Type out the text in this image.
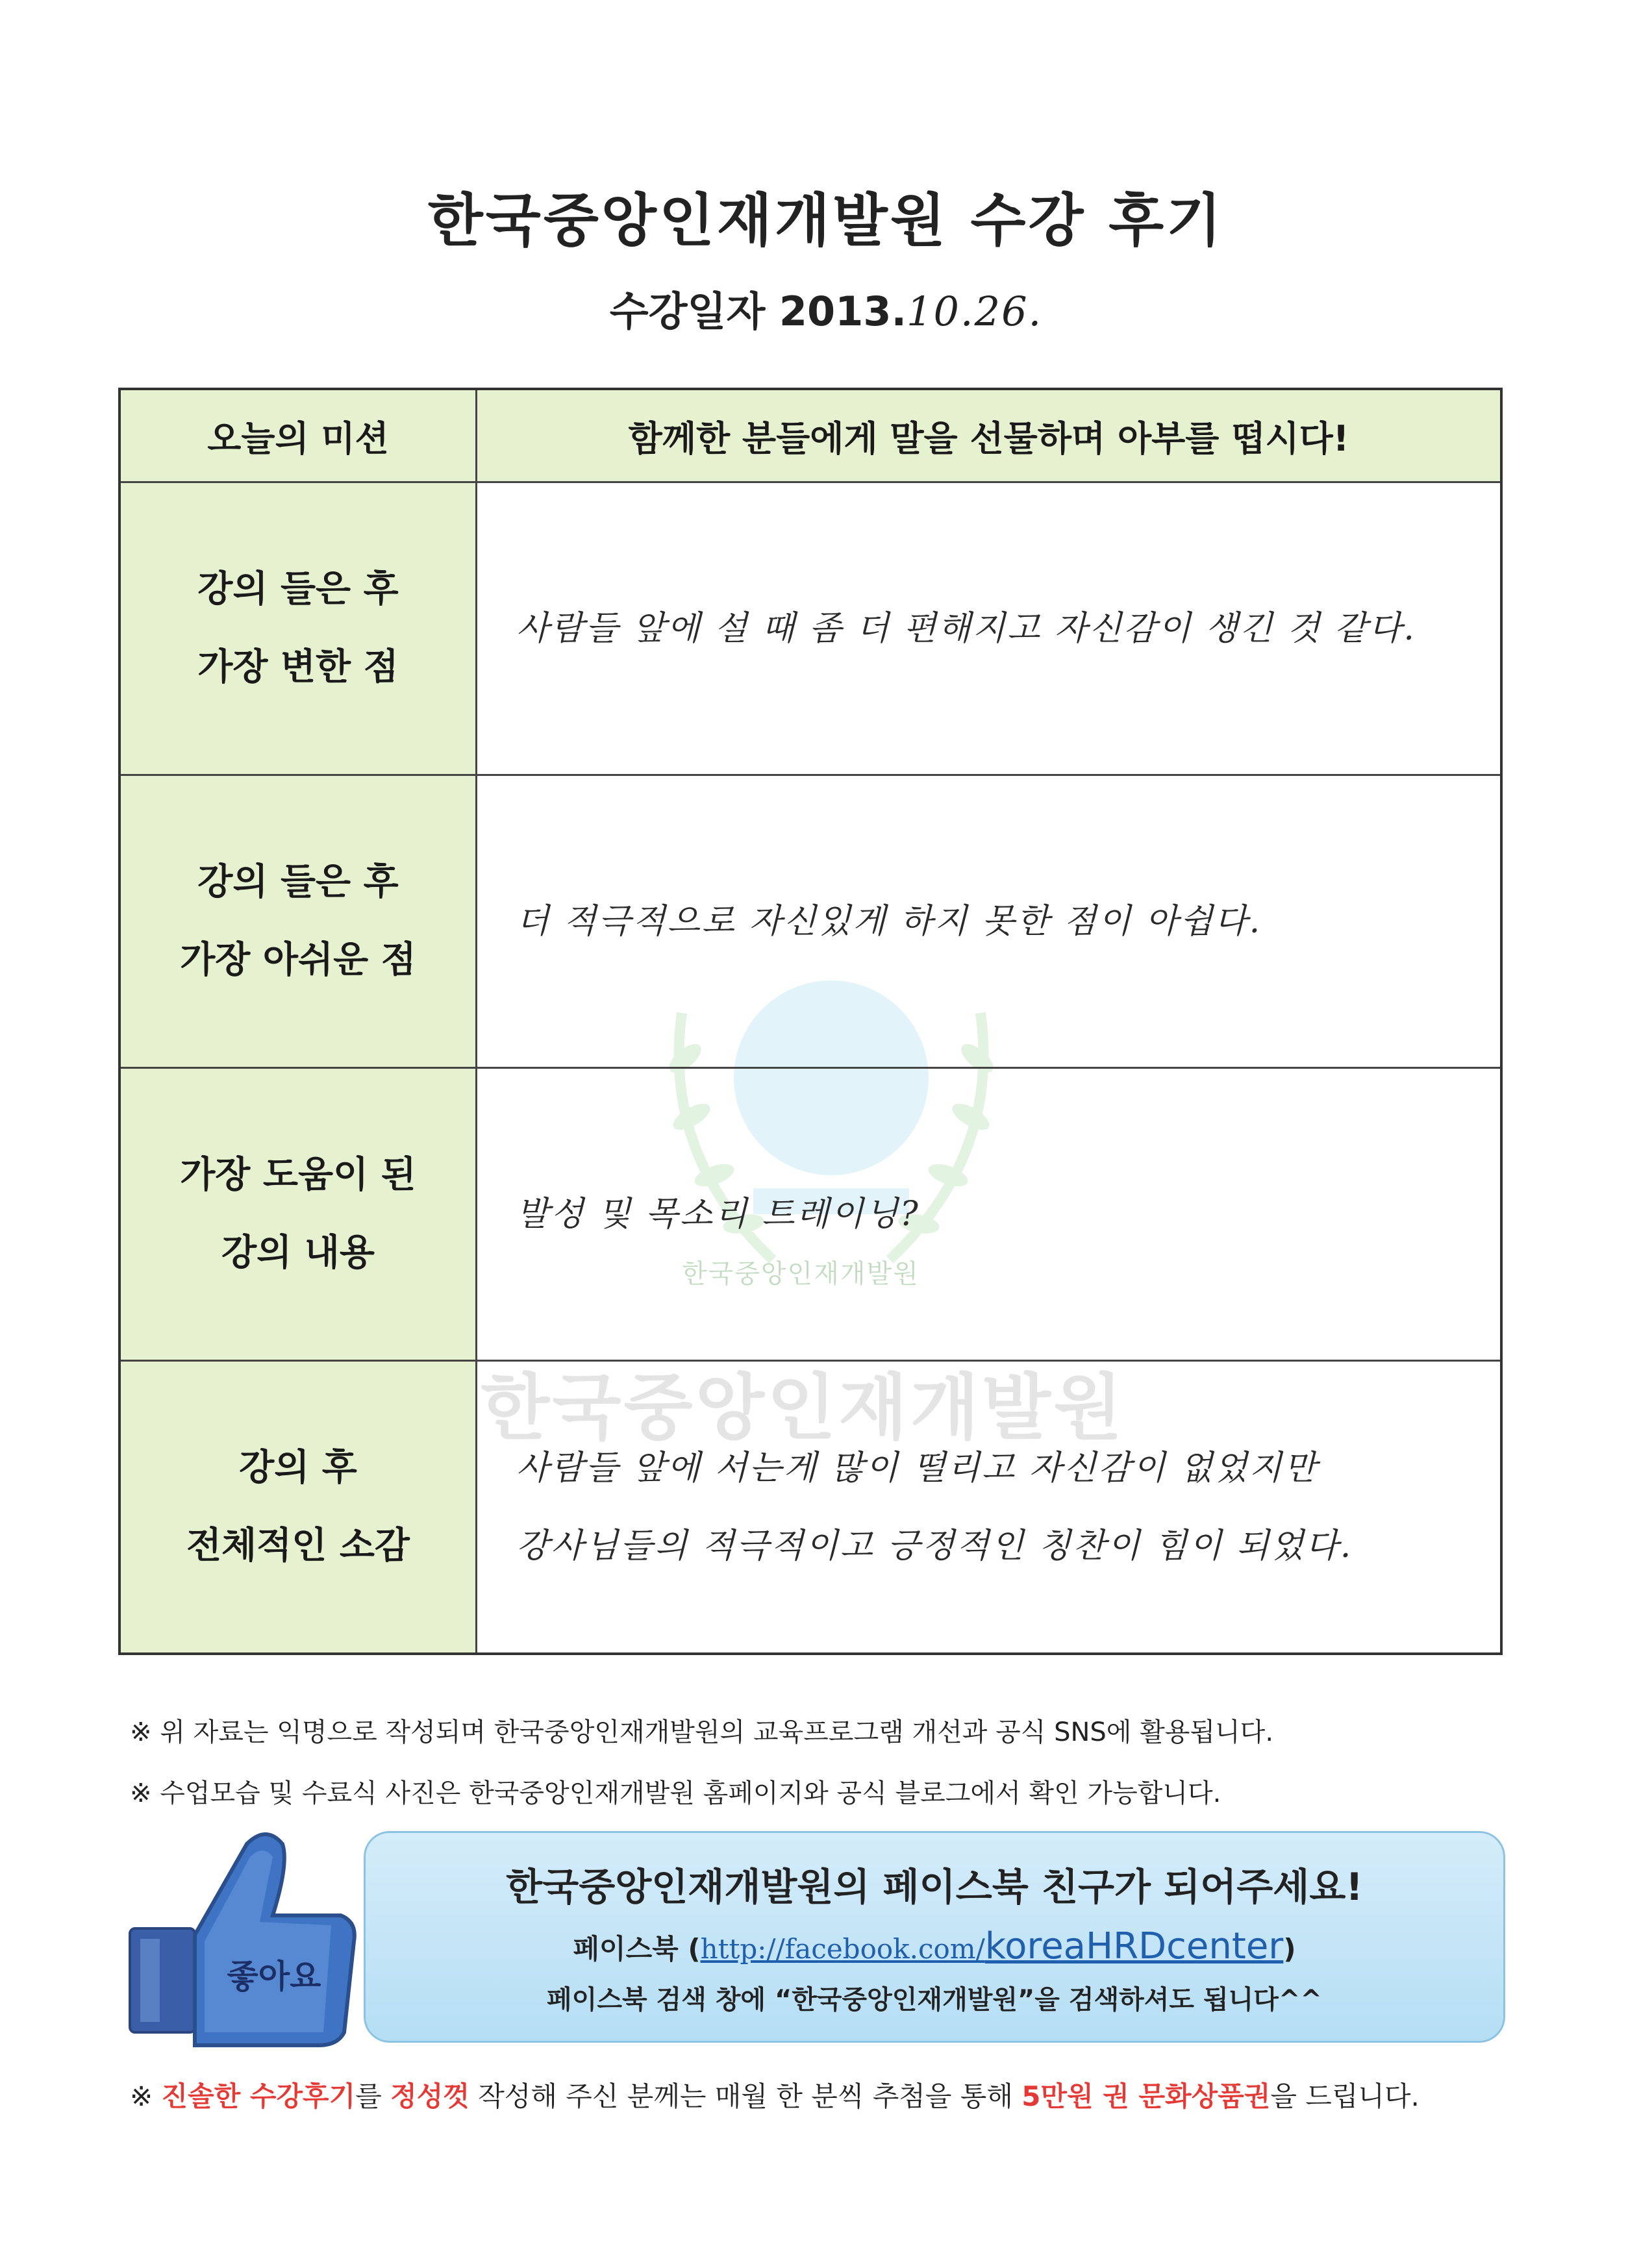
한국중앙인재개발원 수강 후기
수강일자 2013.10.26.
한국중앙인재개발원
한국중앙인재개발원
오늘의 미션	함께한 분들에게 말을 선물하며 아부를 떱시다!

강의 들은 후
가장 변한 점	사람들 앞에 설 때 좀 더 편해지고 자신감이 생긴 것 같다.

강의 들은 후
가장 아쉬운 점	더 적극적으로 자신있게 하지 못한 점이 아쉽다.

가장 도움이 된
강의 내용	발성 및 목소리 트레이닝?

강의 후
전체적인 소감	사람들 앞에 서는게 많이 떨리고 자신감이 없었지만
강사님들의 적극적이고 긍정적인 칭찬이 힘이 되었다.
※ 위 자료는 익명으로 작성되며 한국중앙인재개발원의 교육프로그램 개선과 공식 SNS에 활용됩니다.
※ 수업모습 및 수료식 사진은 한국중앙인재개발원 홈페이지와 공식 블로그에서 확인 가능합니다.
좋아요
한국중앙인재개발원의 페이스북 친구가 되어주세요!
페이스북 (http://facebook.com/koreaHRDcenter)
페이스북 검색 창에 “한국중앙인재개발원”을 검색하셔도 됩니다^^
※ 진솔한 수강후기를 정성껏 작성해 주신 분께는 매월 한 분씩 추첨을 통해 5만원 권 문화상품권을 드립니다.
